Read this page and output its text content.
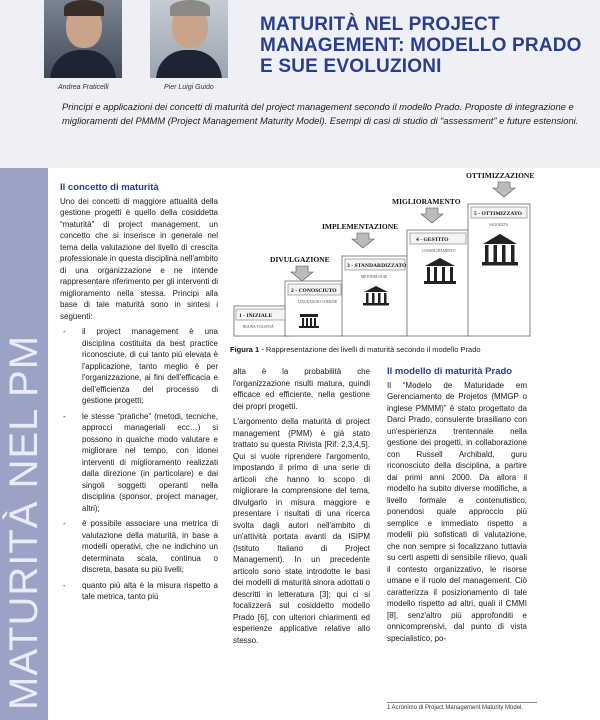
Andrea Fraticelli	Pier Luigi Guido
MATURITÀ NEL PROJECT MANAGEMENT: MODELLO PRADO E SUE EVOLUZIONI
Principi e applicazioni dei concetti di maturità del project management secondo il modello Prado. Proposte di integrazione e miglioramenti del PMMM (Project Management Maturity Model). Esempi di casi di studio di “assessment” e future estensioni.
MATURITÀ NEL PM
Il concetto di maturità

Uno dei concetti di maggiore attualità della gestione progetti è quello della cosiddetta “maturità” di project management, un concetto che si inserisce in generale nel tema della valutazione del livello di crescita professionale in questa disciplina nell'ambito di una organizzazione e ne intende rappresentare riferimento per gli interventi di miglioramento nella stessa. Principi alla base di tale maturità sono in sintesi i seguenti:

- il project management è una disciplina costituita da best practice riconosciute, di cui tanto più elevata è l'applicazione, tanto meglio è per l'organizzazione, ai fini dell'efficacia e dell'efficienza del processo di gestione progetti;
- le stesse “pratiche” (metodi, tecniche, approcci manageriali ecc…) si possono in qualche modo valutare e migliorare nel tempo, con idonei interventi di miglioramento realizzati dalla direzione (in particolare) e dai singoli soggetti operanti nella disciplina (sponsor, project manager, altri);
- è possibile associare una metrica di valutazione della maturità, in base a modelli operativi, che ne indichino un determinata scala, continua o discreta, basata su più livelli;
- quanto più alta è la misura rispetto a tale metrica, tanto più
DIVULGAZIONE
IMPLEMENTAZIONE
MIGLIORAMENTO
OTTIMIZZAZIONE
1 - INIZIALE
2 - CONOSCIUTO
3 - STANDARDIZZATO
4 - GESTITO
5 - OTTIMIZZATO
BUONA VOLONTÀ
LINGUAGGIO COMUNE
METODOLOGIE
CONSOLIDAMENTO
SAGGEZZA
Figura 1 - Rappresentazione dei livelli di maturità secondo il modello Prado

alta è la probabilità che l'organizzazione risulti matura, quindi efficace ed efficiente, nella gestione dei propri progetti.

L'argomento della maturità di project management (PMM) è già stato trattato su questa Rivista [Rif. 2,3,4,5]. Qui si vuole riprendere l'argomento, impostando il primo di una serie di articoli che hanno lo scopo di migliorare la comprensione del tema, divulgarlo in misura maggiore e presentare i risultati di una ricerca svolta dagli autori nell'ambito di un'attività portata avanti da ISIPM (Istituto Italiano di Project Management). In un precedente articolo sono state introdotte le basi dei modelli di maturità sinora adottati o descritti in letteratura [3]; qui ci si focalizzerà sul cosiddetto modello Prado [6], con ulteriori chiarimenti ed esperienze applicative relative allo stesso.

Il modello di maturità Prado

Il “Modelo de Maturidade em Gerenciamento de Projetos (MMGP o inglese PMMM)” è stato progettato da Darci Prado, consulente brasiliano con un'esperienza trentennale nella gestione dei progetti, in collaborazione con Russell Archibald, guru riconosciuto della disciplina, a partire dai primi anni 2000. Da allora il modello ha subito diverse modifiche, a livello formale e contenutistico, ponendosi quale approccio più semplice e immediato rispetto a modelli più sofisticati di valutazione, che non sempre si focalizzano tuttavia su certi aspetti di sensibile rilievo, quali il contesto organizzativo, le risorse umane e il ruolo del management. Ciò caratterizza il posizionamento di tale modello rispetto ad altri, quali il CMMI [8], senz'altro più approfonditi e onnicomprensivi, dal punto di vista specialistico, po-

1 Acronimo di Project Management Maturity Model.
